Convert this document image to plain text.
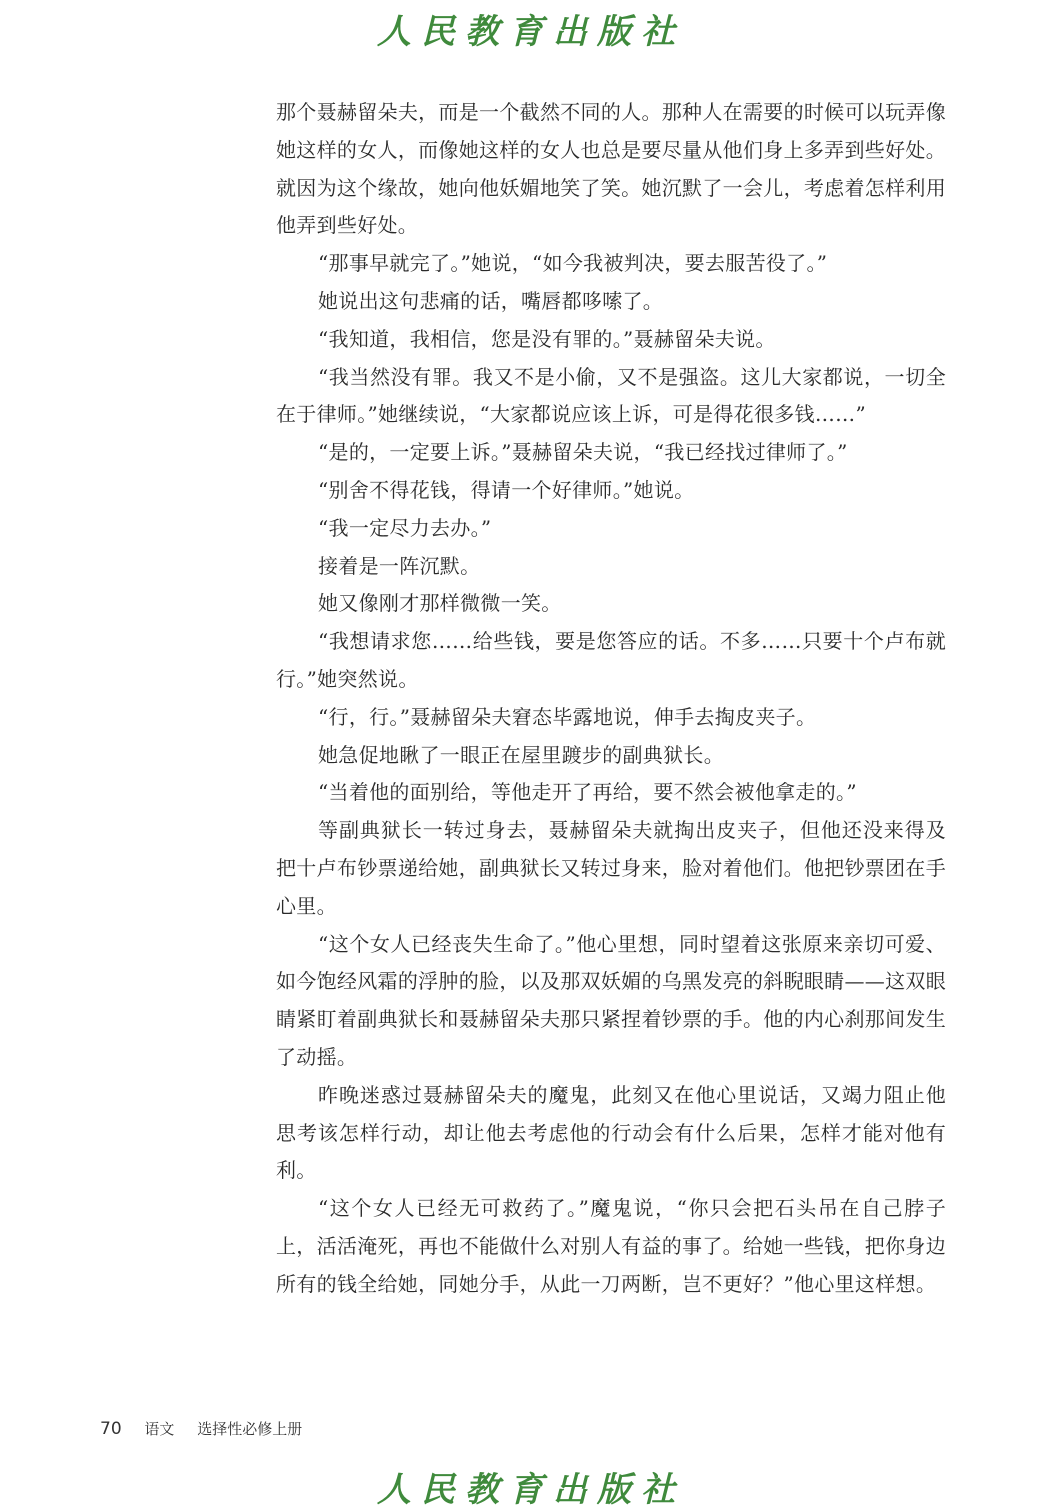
人民教育出版社

那个聂赫留朵夫，而是一个截然不同的人。那种人在需要的时候可以玩弄像她这样的女人，而像她这样的女人也总是要尽量从他们身上多弄到些好处。就因为这个缘故，她向他妖媚地笑了笑。她沉默了一会儿，考虑着怎样利用他弄到些好处。

“那事早就完了。”她说，“如今我被判决，要去服苦役了。”

她说出这句悲痛的话，嘴唇都哆嗦了。

“我知道，我相信，您是没有罪的。”聂赫留朵夫说。

“我当然没有罪。我又不是小偷，又不是强盗。这儿大家都说，一切全在于律师。”她继续说，“大家都说应该上诉，可是得花很多钱……”

“是的，一定要上诉。”聂赫留朵夫说，“我已经找过律师了。”

“别舍不得花钱，得请一个好律师。”她说。

“我一定尽力去办。”

接着是一阵沉默。

她又像刚才那样微微一笑。

“我想请求您……给些钱，要是您答应的话。不多……只要十个卢布就行。”她突然说。

“行，行。”聂赫留朵夫窘态毕露地说，伸手去掏皮夹子。

她急促地瞅了一眼正在屋里踱步的副典狱长。

“当着他的面别给，等他走开了再给，要不然会被他拿走的。”

等副典狱长一转过身去，聂赫留朵夫就掏出皮夹子，但他还没来得及把十卢布钞票递给她，副典狱长又转过身来，脸对着他们。他把钞票团在手心里。

“这个女人已经丧失生命了。”他心里想，同时望着这张原来亲切可爱、如今饱经风霜的浮肿的脸，以及那双妖媚的乌黑发亮的斜睨眼睛——这双眼睛紧盯着副典狱长和聂赫留朵夫那只紧捏着钞票的手。他的内心刹那间发生了动摇。

昨晚迷惑过聂赫留朵夫的魔鬼，此刻又在他心里说话，又竭力阻止他思考该怎样行动，却让他去考虑他的行动会有什么后果，怎样才能对他有利。

“这个女人已经无可救药了。”魔鬼说，“你只会把石头吊在自己脖子上，活活淹死，再也不能做什么对别人有益的事了。给她一些钱，把你身边所有的钱全给她，同她分手，从此一刀两断，岂不更好？”他心里这样想。

70 语文 选择性必修上册
人民教育出版社
